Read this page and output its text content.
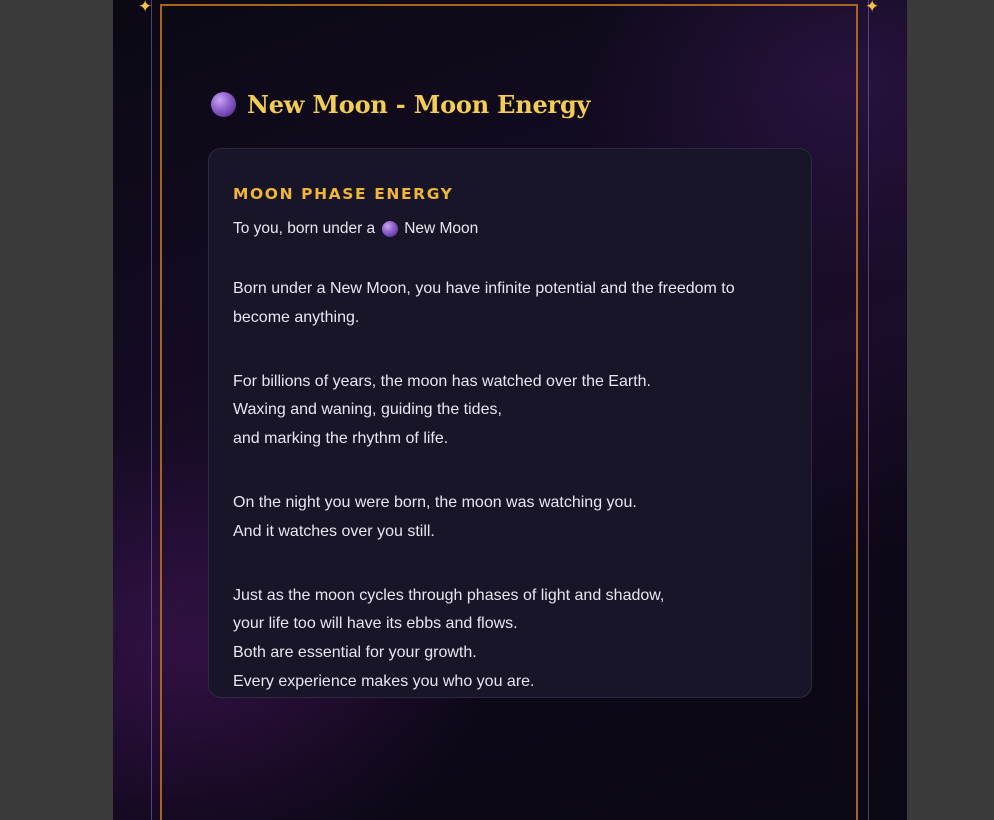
✦	✦
New Moon - Moon Energy
MOON PHASE ENERGY
To you, born under a New Moon
Born under a New Moon, you have infinite potential and the freedom to
become anything.
For billions of years, the moon has watched over the Earth.
Waxing and waning, guiding the tides,
and marking the rhythm of life.
On the night you were born, the moon was watching you.
And it watches over you still.
Just as the moon cycles through phases of light and shadow,
your life too will have its ebbs and flows.
Both are essential for your growth.
Every experience makes you who you are.
